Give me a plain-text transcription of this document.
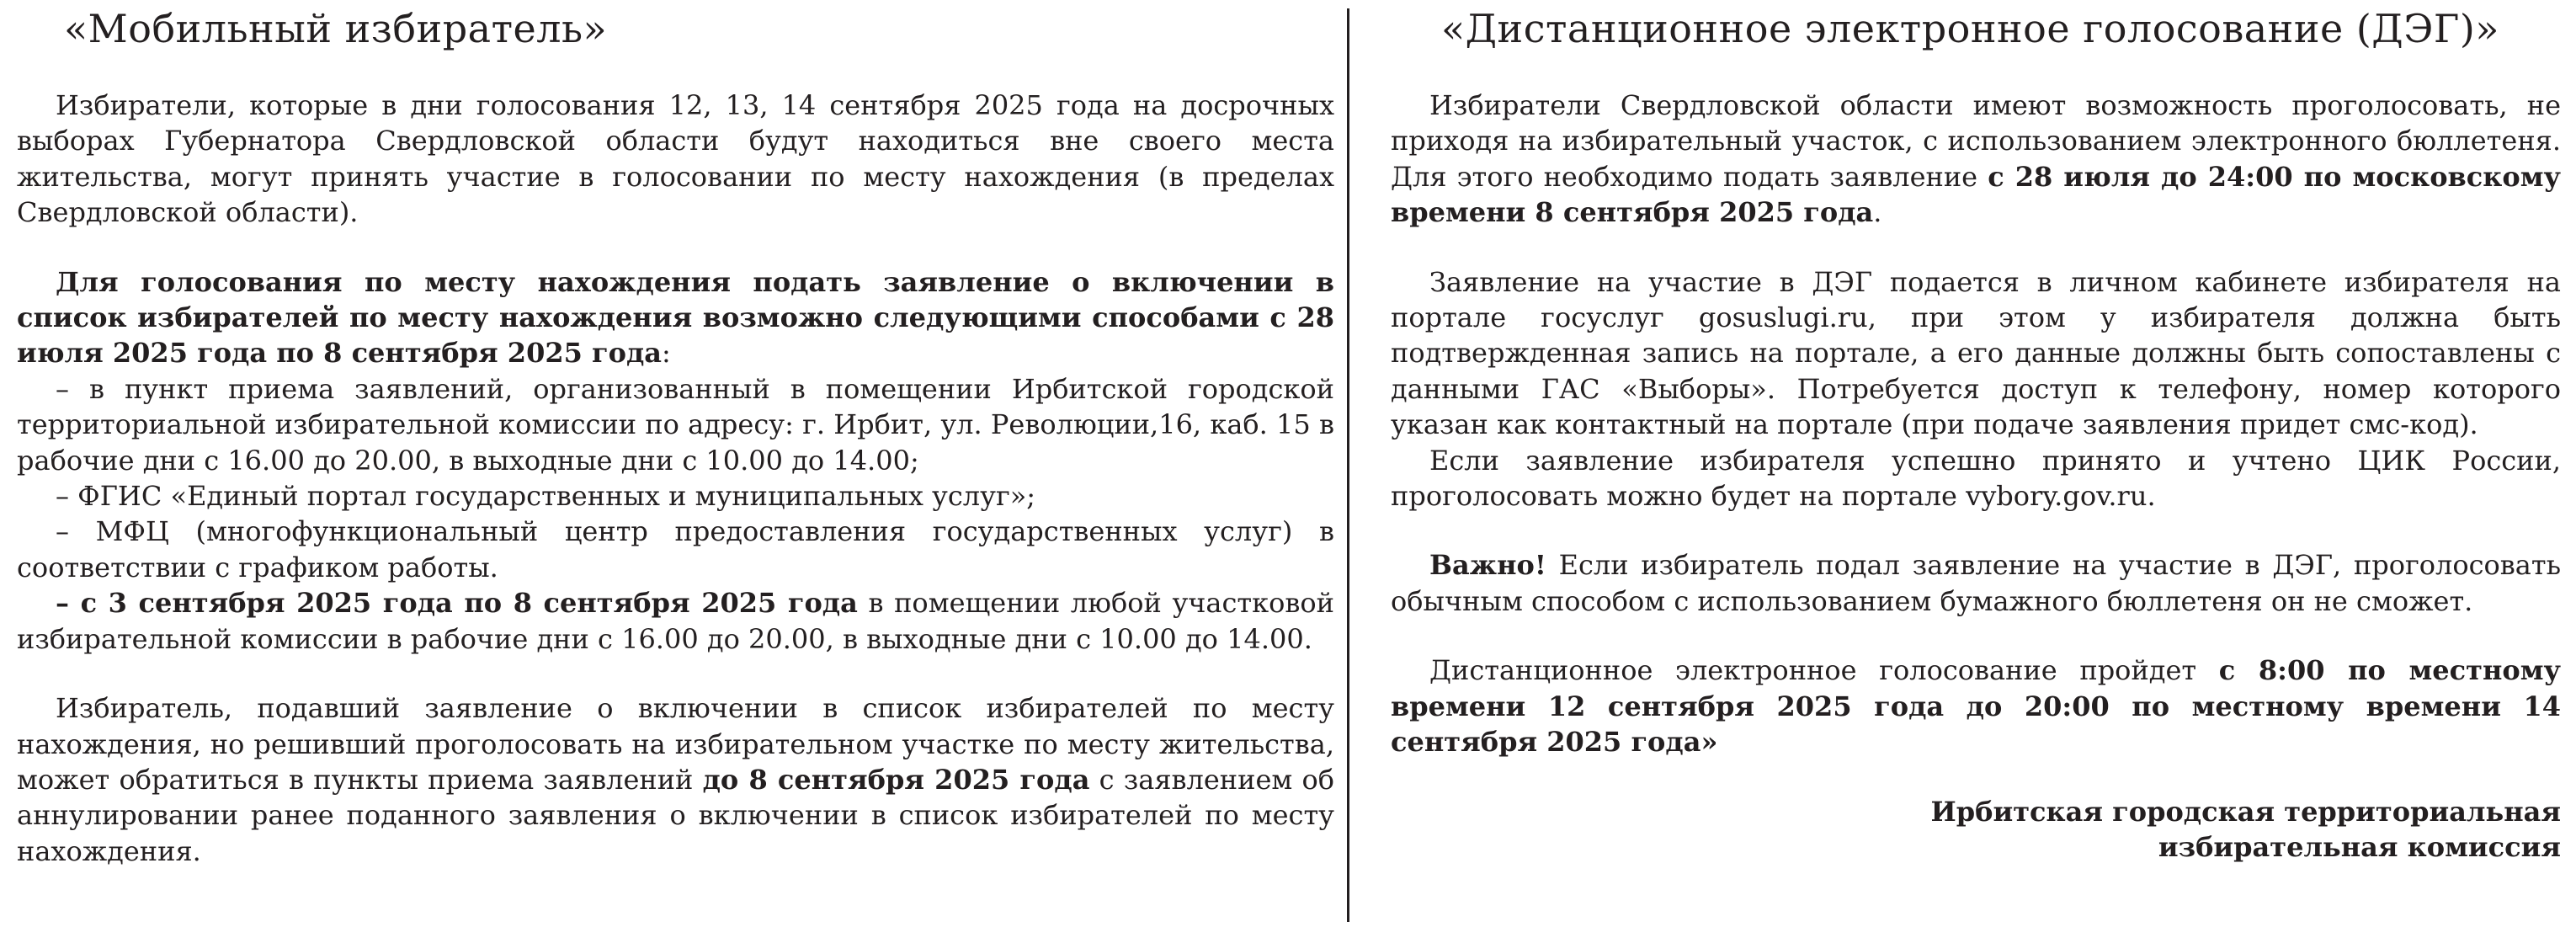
«Мобильный избиратель»

Избиратели, которые в дни голосования 12, 13, 14 сентября 2025 года на досрочных выборах Губернатора Свердловской области будут находиться вне своего места жительства, могут принять участие в голосовании по месту нахождения (в пределах Свердловской области).

Для голосования по месту нахождения подать заявление о включении в список избирателей по месту нахождения возможно следующими способами с 28 июля 2025 года по 8 сентября 2025 года:

– в пункт приема заявлений, организованный в помещении Ирбитской городской территориальной избирательной комиссии по адресу: г. Ирбит, ул. Революции,16, каб. 15 в рабочие дни с 16.00 до 20.00, в выходные дни с 10.00 до 14.00;

– ФГИС «Единый портал государственных и муниципальных услуг»;

– МФЦ (многофункциональный центр предоставления государственных услуг) в соответствии с графиком работы.

– с 3 сентября 2025 года по 8 сентября 2025 года в помещении любой участковой избирательной комиссии в рабочие дни с 16.00 до 20.00, в выходные дни с 10.00 до 14.00.

Избиратель, подавший заявление о включении в список избирателей по месту нахождения, но решивший проголосовать на избирательном участке по месту жительства, может обратиться в пункты приема заявлений до 8 сентября 2025 года с заявлением об аннулировании ранее поданного заявления о включении в список избирателей по месту нахождения.

«Дистанционное электронное голосование (ДЭГ)»

Избиратели Свердловской области имеют возможность проголосовать, не приходя на избирательный участок, с использованием электронного бюллетеня. Для этого необходимо подать заявление с 28 июля до 24:00 по московскому времени 8 сентября 2025 года.

Заявление на участие в ДЭГ подается в личном кабинете избирателя на портале госуслуг gosuslugi.ru, при этом у избирателя должна быть подтвержденная запись на портале, а его данные должны быть сопоставлены с данными ГАС «Выборы». Потребуется доступ к телефону, номер которого указан как контактный на портале (при подаче заявления придет смс-код).

Если заявление избирателя успешно принято и учтено ЦИК России, проголосовать можно будет на портале vybory.gov.ru.

Важно! Если избиратель подал заявление на участие в ДЭГ, проголосовать обычным способом с использованием бумажного бюллетеня он не сможет.

Дистанционное электронное голосование пройдет с 8:00 по местному времени 12 сентября 2025 года до 20:00 по местному времени 14 сентября 2025 года»

Ирбитская городская территориальная
избирательная комиссия
